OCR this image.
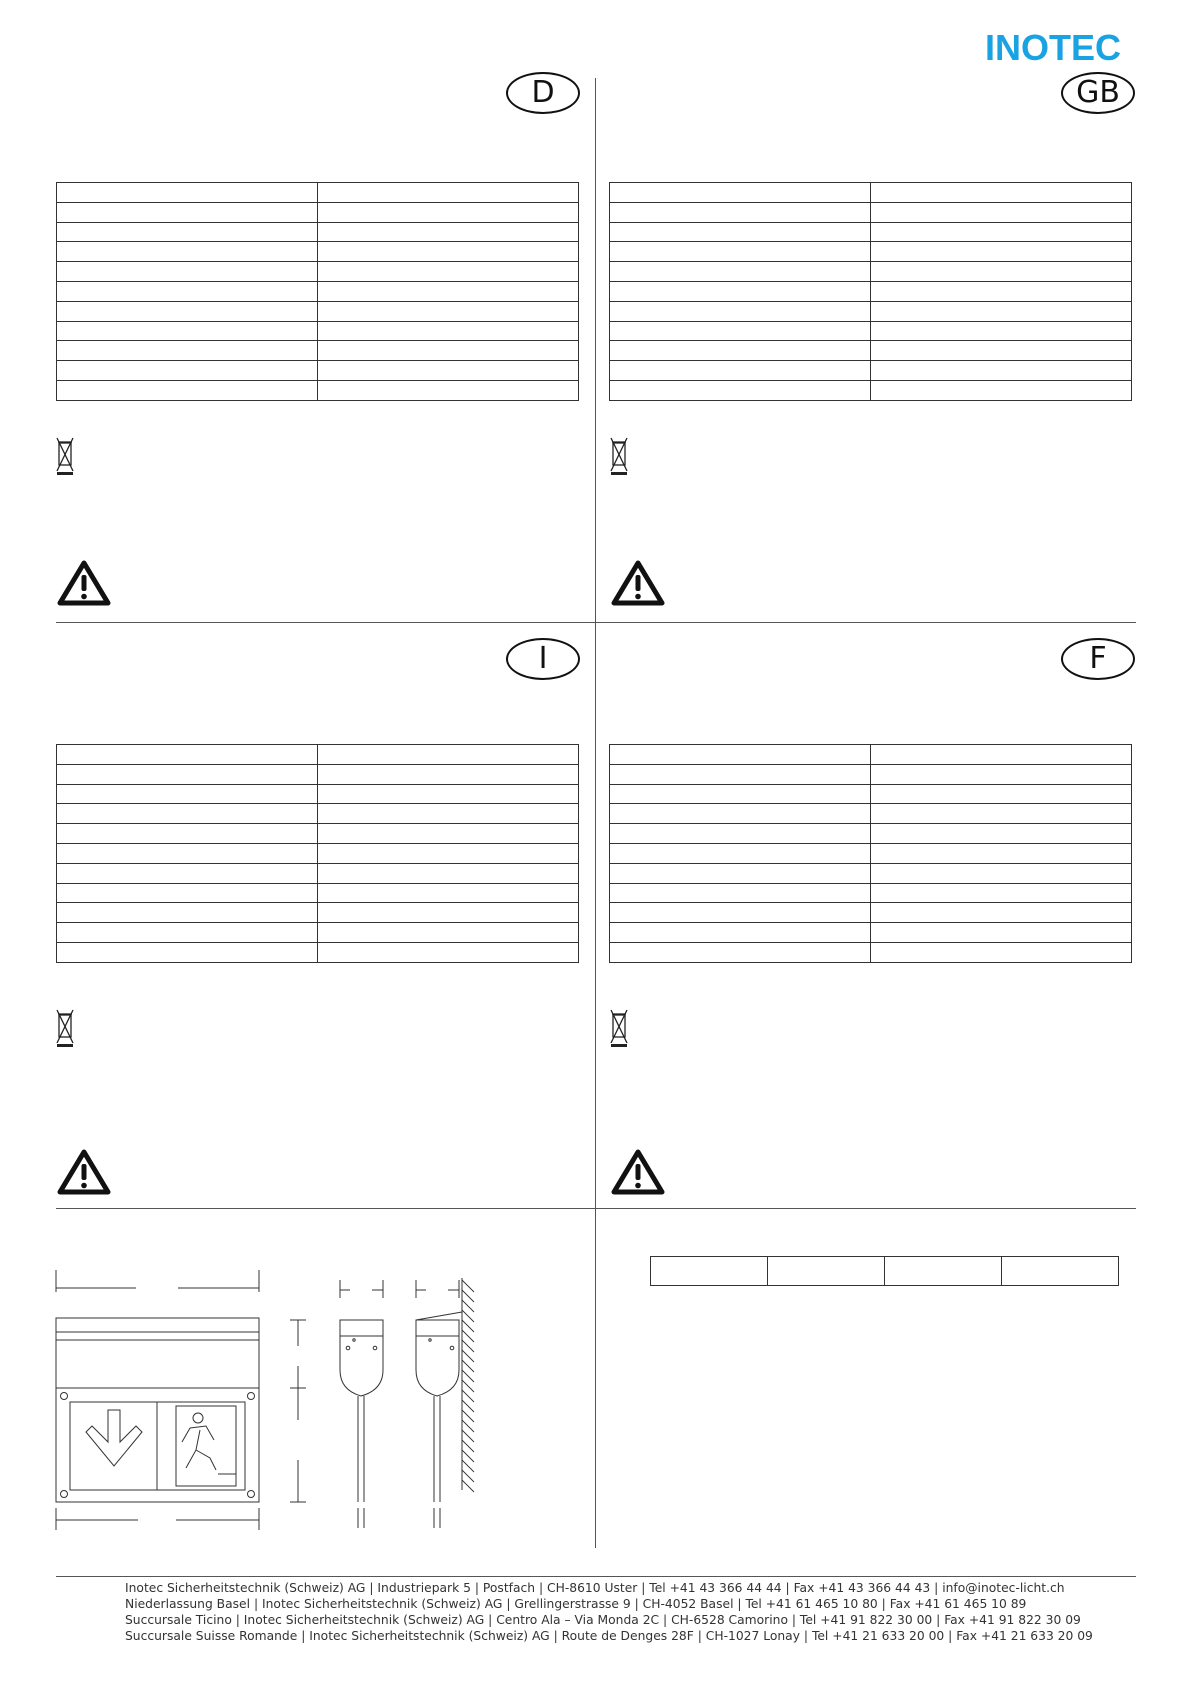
INOTEC
D	GB
I	F

Inotec Sicherheitstechnik (Schweiz) AG | Industriepark 5 | Postfach | CH-8610 Uster | Tel +41 43 366 44 44 | Fax +41 43 366 44 43 | info@inotec-licht.ch
Niederlassung Basel | Inotec Sicherheitstechnik (Schweiz) AG | Grellingerstrasse 9 | CH-4052 Basel | Tel +41 61 465 10 80 | Fax +41 61 465 10 89
Succursale Ticino | Inotec Sicherheitstechnik (Schweiz) AG | Centro Ala – Via Monda 2C | CH-6528 Camorino | Tel +41 91 822 30 00 | Fax +41 91 822 30 09
Succursale Suisse Romande | Inotec Sicherheitstechnik (Schweiz) AG | Route de Denges 28F | CH-1027 Lonay | Tel +41 21 633 20 00 | Fax +41 21 633 20 09
